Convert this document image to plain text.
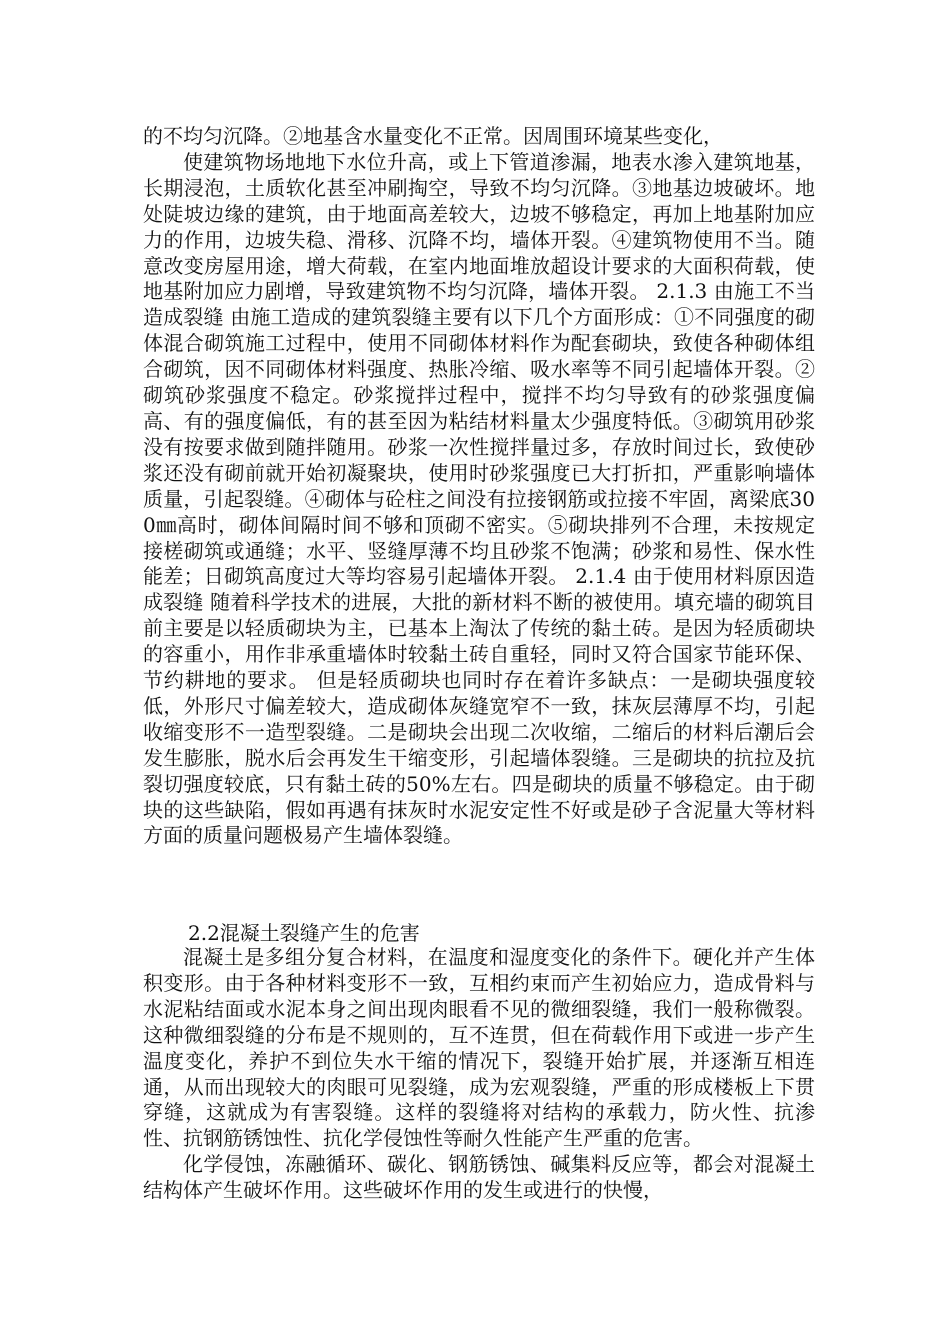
的不均匀沉降。②地基含水量变化不正常。因周围环境某些变化，

使建筑物场地地下水位升高，或上下管道渗漏，地表水渗入建筑地基，长期浸泡，土质软化甚至冲刷掏空，导致不均匀沉降。③地基边坡破坏。地处陡坡边缘的建筑，由于地面高差较大，边坡不够稳定，再加上地基附加应力的作用，边坡失稳、滑移、沉降不均，墙体开裂。④建筑物使用不当。随意改变房屋用途，增大荷载，在室内地面堆放超设计要求的大面积荷载，使地基附加应力剧增，导致建筑物不均匀沉降，墙体开裂。 2.1.3 由施工不当造成裂缝 由施工造成的建筑裂缝主要有以下几个方面形成：①不同强度的砌体混合砌筑施工过程中，使用不同砌体材料作为配套砌块，致使各种砌体组合砌筑，因不同砌体材料强度、热胀冷缩、吸水率等不同引起墙体开裂。②砌筑砂浆强度不稳定。砂浆搅拌过程中，搅拌不均匀导致有的砂浆强度偏高、有的强度偏低，有的甚至因为粘结材料量太少强度特低。③砌筑用砂浆没有按要求做到随拌随用。砂浆一次性搅拌量过多，存放时间过长，致使砂浆还没有砌前就开始初凝聚块，使用时砂浆强度已大打折扣，严重影响墙体质量，引起裂缝。④砌体与砼柱之间没有拉接钢筋或拉接不牢固，离梁底300㎜高时，砌体间隔时间不够和顶砌不密实。⑤砌块排列不合理，未按规定接槎砌筑或通缝；水平、竖缝厚薄不均且砂浆不饱满；砂浆和易性、保水性能差；日砌筑高度过大等均容易引起墙体开裂。 2.1.4 由于使用材料原因造成裂缝 随着科学技术的进展，大批的新材料不断的被使用。填充墙的砌筑目前主要是以轻质砌块为主，已基本上淘汰了传统的黏土砖。是因为轻质砌块的容重小，用作非承重墙体时较黏土砖自重轻，同时又符合国家节能环保、节约耕地的要求。 但是轻质砌块也同时存在着许多缺点：一是砌块强度较低，外形尺寸偏差较大，造成砌体灰缝宽窄不一致，抹灰层薄厚不均，引起收缩变形不一造型裂缝。二是砌块会出现二次收缩，二缩后的材料后潮后会发生膨胀，脱水后会再发生干缩变形，引起墙体裂缝。三是砌块的抗拉及抗裂切强度较底，只有黏土砖的50%左右。四是砌块的质量不够稳定。由于砌块的这些缺陷，假如再遇有抹灰时水泥安定性不好或是砂子含泥量大等材料方面的质量问题极易产生墙体裂缝。

2.2混凝土裂缝产生的危害

混凝土是多组分复合材料，在温度和湿度变化的条件下。硬化并产生体积变形。由于各种材料变形不一致，互相约束而产生初始应力，造成骨料与水泥粘结面或水泥本身之间出现肉眼看不见的微细裂缝，我们一般称微裂。这种微细裂缝的分布是不规则的，互不连贯，但在荷载作用下或进一步产生温度变化，养护不到位失水干缩的情况下，裂缝开始扩展，并逐渐互相连通，从而出现较大的肉眼可见裂缝，成为宏观裂缝，严重的形成楼板上下贯穿缝，这就成为有害裂缝。这样的裂缝将对结构的承载力，防火性、抗渗性、抗钢筋锈蚀性、抗化学侵蚀性等耐久性能产生严重的危害。

化学侵蚀，冻融循环、碳化、钢筋锈蚀、碱集料反应等，都会对混凝土结构体产生破坏作用。这些破坏作用的发生或进行的快慢，
